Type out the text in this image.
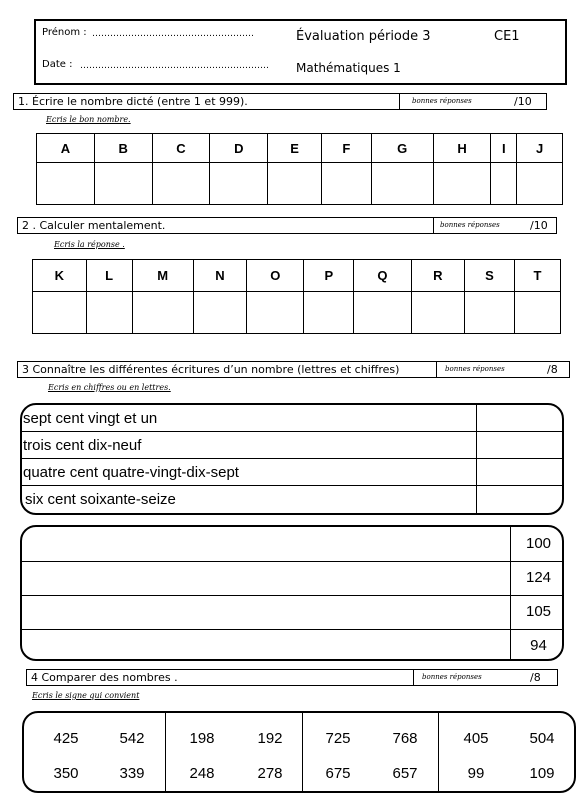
Prénom : ………………………………………………
Date : ………………………………………………………
Évaluation période 3	CE1
Mathématiques 1
1. Écrire le nombre dicté (entre 1 et 999).	bonnes réponses	/10
Ecris le bon nombre.
A	B	C	D	E	F	G	H	I	J

2 . Calculer mentalement.	bonnes réponses	/10
Ecris la réponse .
K	L	M	N	O	P	Q	R	S	T

3 Connaître les différentes écritures d’un nombre (lettres et chiffres)	bonnes réponses	/8
Ecris en chiffres ou en lettres.
sept cent vingt et un
trois cent dix-neuf
quatre cent quatre-vingt-dix-sept
six cent soixante-seize
100
124
105
94
4 Comparer des nombres .	bonnes réponses	/8
Ecris le signe qui convient
425	542	198	192	725	768	405	504
350	339	248	278	675	657	99	109
